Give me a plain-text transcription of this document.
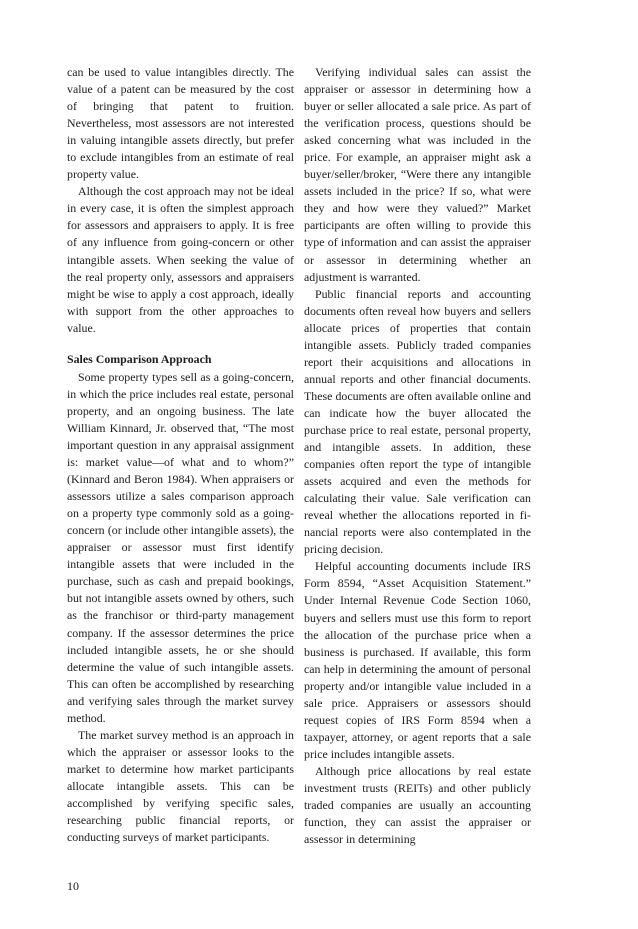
can be used to value intangibles directly. The value of a patent can be measured by the cost of bringing that patent to fruition. Nevertheless, most assessors are not interested in valuing intangible assets directly, but prefer to exclude intangibles from an estimate of real property value.

Although the cost approach may not be ideal in every case, it is often the simplest approach for assessors and appraisers to apply. It is free of any influence from going-concern or other intangible assets. When seeking the value of the real property only, assessors and appraisers might be wise to apply a cost approach, ideally with support from the other approaches to value.

Sales Comparison Approach

Some property types sell as a going-concern, in which the price includes real estate, personal property, and an ongoing business. The late William Kinnard, Jr. observed that, “The most important question in any appraisal assignment is: market value—of what and to whom?” (Kinnard and Beron 1984). When appraisers or assessors utilize a sales comparison approach on a property type commonly sold as a going-concern (or include other intangible assets), the appraiser or assessor must first identify intangible assets that were included in the purchase, such as cash and prepaid bookings, but not intangible assets owned by others, such as the franchisor or third-party management company. If the assessor determines the price included intangible assets, he or she should determine the value of such intangible assets. This can often be accomplished by researching and verifying sales through the market survey method.

The market survey method is an approach in which the appraiser or assessor looks to the market to determine how market participants allocate intangible assets. This can be accomplished by verifying specific sales, researching public financial reports, or conducting surveys of market participants.

Verifying individual sales can assist the appraiser or assessor in determining how a buyer or seller allocated a sale price. As part of the verification process, questions should be asked concerning what was included in the price. For example, an appraiser might ask a buyer/seller/​broker, “Were there any intangible assets included in the price? If so, what were they and how were they valued?” Market participants are often willing to provide this type of information and can assist the appraiser or assessor in determining whether an adjustment is warranted.

Public financial reports and accounting documents often reveal how buyers and sellers allocate prices of properties that contain intangible assets. Publicly traded companies report their acquisitions and allocations in annual reports and other financial documents. These documents are often available online and can indicate how the buyer allocated the purchase price to real estate, personal property, and intangible assets. In addition, these companies often report the type of intangible assets acquired and even the methods for calculating their value. Sale verification can reveal whether the allocations reported in financial reports were also contemplated in the pricing decision.

Helpful accounting documents include IRS Form 8594, “Asset Acquisition Statement.” Under Internal Revenue Code Section 1060, buyers and sellers must use this form to report the allocation of the purchase price when a business is purchased. If available, this form can help in determining the amount of personal property and/or intangible value included in a sale price. Appraisers or assessors should request copies of IRS Form 8594 when a taxpayer, attorney, or agent reports that a sale price includes intangible assets.

Although price allocations by real estate investment trusts (REITs) and other publicly traded companies are usually an accounting function, they can assist the appraiser or assessor in determining

10
